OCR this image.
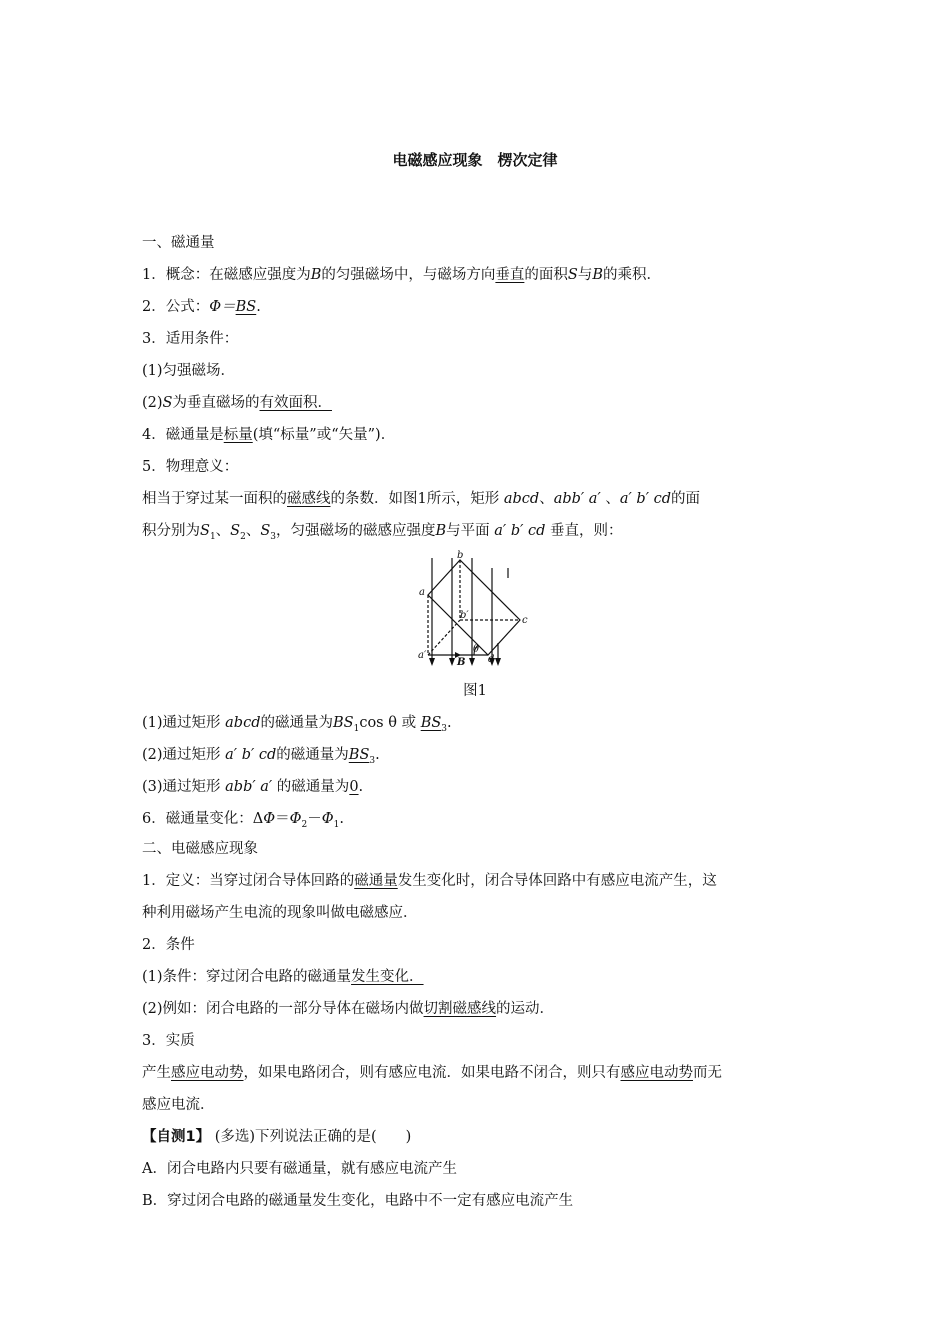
电磁感应现象　楞次定律
一、磁通量
1．概念：在磁感应强度为B的匀强磁场中，与磁场方向垂直的面积S与B的乘积．
2．公式：Φ＝BS.
3．适用条件：
(1)匀强磁场．
(2)S为垂直磁场的有效面积．
4．磁通量是标量(填“标量”或“矢量”)．
5．物理意义：
相当于穿过某一面积的磁感线的条数．如图1所示，矩形 abcd、abb′ a′ 、a′ b′ cd的面
积分别为$S_1$、$S_2$、$S_3$，匀强磁场的磁感应强度B与平面 a′ b′ cd 垂直，则：
b
a
c
d
b′
a′
B
θ
图1
(1)通过矩形 abcd的磁通量为$BS_1\cos$ θ 或 $BS_3$.
(2)通过矩形 a′ b′ cd的磁通量为$BS_3$.
(3)通过矩形 abb′ a′ 的磁通量为0.
6．磁通量变化：$\Delta\Phi=\Phi_2-\Phi_1$.
二、电磁感应现象
1．定义：当穿过闭合导体回路的磁通量发生变化时，闭合导体回路中有感应电流产生，这
种利用磁场产生电流的现象叫做电磁感应．
2．条件
(1)条件：穿过闭合电路的磁通量发生变化．
(2)例如：闭合电路的一部分导体在磁场内做切割磁感线的运动．
3．实质
产生感应电动势，如果电路闭合，则有感应电流．如果电路不闭合，则只有感应电动势而无
感应电流．
【自测1】 (多选)下列说法正确的是(　　)
A．闭合电路内只要有磁通量，就有感应电流产生
B．穿过闭合电路的磁通量发生变化，电路中不一定有感应电流产生
